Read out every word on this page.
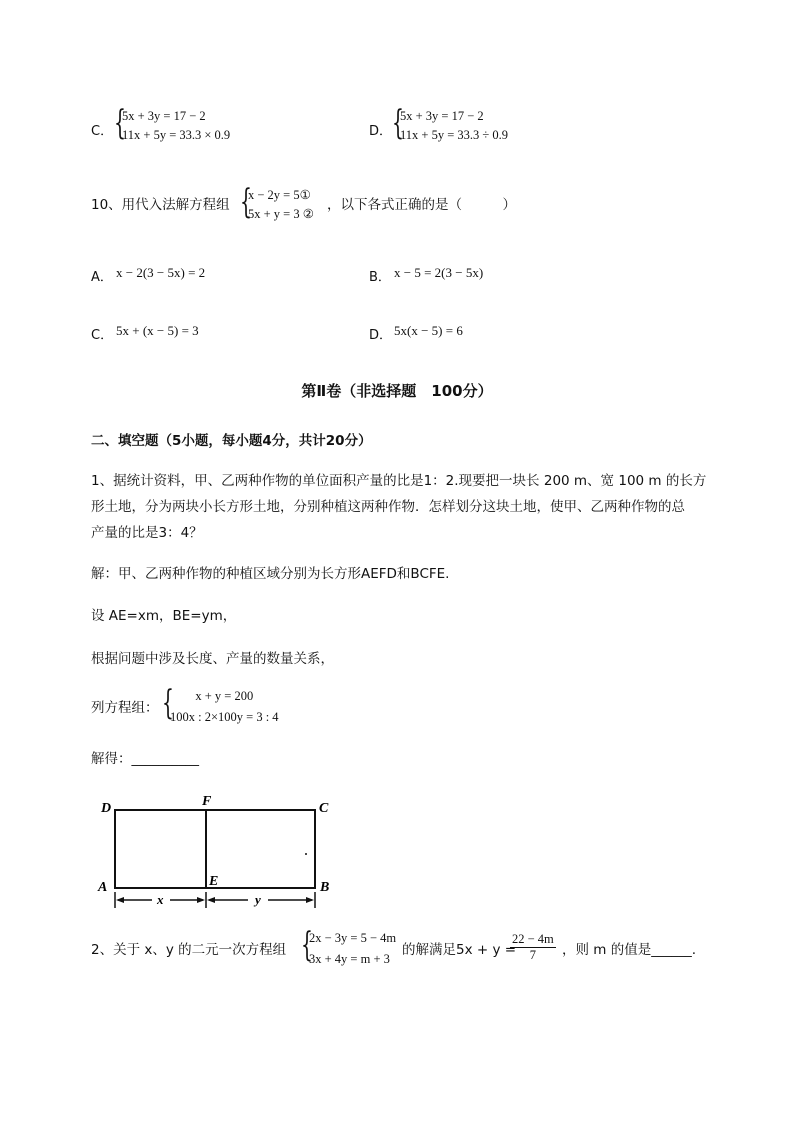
C． {
5x + 3y = 17 − 2
11x + 5y = 33.3 × 0.9	D． {
5x + 3y = 17 − 2
11x + 5y = 33.3 ÷ 0.9
10、用代入法解方程组 {
x − 2y = 5①
5x + y = 3 ②
，以下各式正确的是（　　　）
A． x − 2(3 − 5x) = 2	B． x − 5 = 2(3 − 5x)
C． 5x + (x − 5) = 3	D． 5x(x − 5) = 6
第Ⅱ卷（非选择题　100分）
二、填空题（5小题，每小题4分，共计20分）
1、据统计资料，甲、乙两种作物的单位面积产量的比是1：2.现要把一块长 200 m、宽 100 m 的长方
形土地，分为两块小长方形土地，分别种植这两种作物．怎样划分这块土地，使甲、乙两种作物的总
产量的比是3：4？
解：甲、乙两种作物的种植区域分别为长方形AEFD和BCFE.
设 AE=xm，BE=ym，
根据问题中涉及长度、产量的数量关系，
列方程组： { x + y = 200
100x : 2×100y = 3 : 4
解得：__________
D	F	C
A	E	B
x	y
2、关于 x、y 的二元一次方程组 {
2x − 3y = 5 − 4m
3x + 4y = m + 3
的解满足5x + y =
$\frac{22 - 4m}{7}$ ，则 m 的值是______.
